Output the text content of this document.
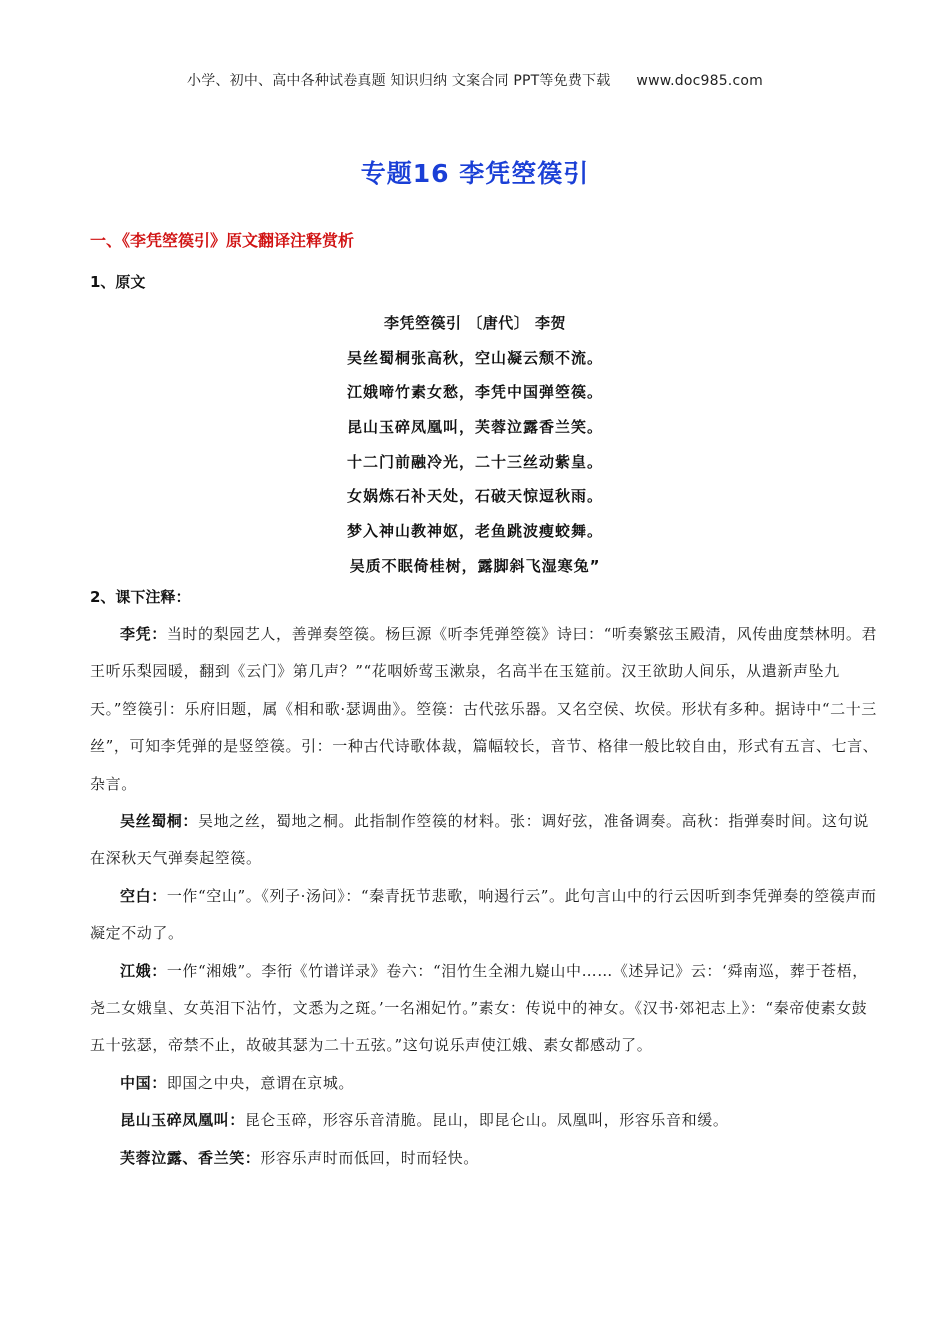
小学、初中、高中各种试卷真题 知识归纳 文案合同 PPT等免费下载 www.doc985.com
专题16 李凭箜篌引
一、《李凭箜篌引》原文翻译注释赏析
1、原文
李凭箜篌引 〔唐代〕 李贺
吴丝蜀桐张高秋，空山凝云颓不流。
江娥啼竹素女愁，李凭中国弹箜篌。
昆山玉碎凤凰叫，芙蓉泣露香兰笑。
十二门前融冷光，二十三丝动紫皇。
女娲炼石补天处，石破天惊逗秋雨。
梦入神山教神妪，老鱼跳波瘦蛟舞。
吴质不眠倚桂树，露脚斜飞湿寒兔”
2、课下注释：

李凭：当时的梨园艺人，善弹奏箜篌。杨巨源《听李凭弹箜篌》诗曰：“听奏繁弦玉殿清，风传曲度禁林明。君王听乐梨园暖，翻到《云门》第几声？”“花咽娇莺玉漱泉，名高半在玉筵前。汉王欲助人间乐，从遣新声坠九天。”箜篌引：乐府旧题，属《相和歌·瑟调曲》。箜篌：古代弦乐器。又名空侯、坎侯。形状有多种。据诗中“二十三丝”，可知李凭弹的是竖箜篌。引：一种古代诗歌体裁，篇幅较长，音节、格律一般比较自由，形式有五言、七言、杂言。

吴丝蜀桐：吴地之丝，蜀地之桐。此指制作箜篌的材料。张：调好弦，准备调奏。高秋：指弹奏时间。这句说在深秋天气弹奏起箜篌。

空白：一作“空山”。《列子·汤问》：“秦青抚节悲歌，响遏行云”。此句言山中的行云因听到李凭弹奏的箜篌声而凝定不动了。

江娥：一作“湘娥”。李衎《竹谱详录》卷六：“泪竹生全湘九嶷山中……《述异记》云：‘舜南巡，葬于苍梧，尧二女娥皇、女英泪下沾竹，文悉为之斑。’一名湘妃竹。”素女：传说中的神女。《汉书·郊祀志上》：“秦帝使素女鼓五十弦瑟，帝禁不止，故破其瑟为二十五弦。”这句说乐声使江娥、素女都感动了。

中国：即国之中央，意谓在京城。

昆山玉碎凤凰叫：昆仑玉碎，形容乐音清脆。昆山，即昆仑山。凤凰叫，形容乐音和缓。

芙蓉泣露、香兰笑：形容乐声时而低回，时而轻快。
